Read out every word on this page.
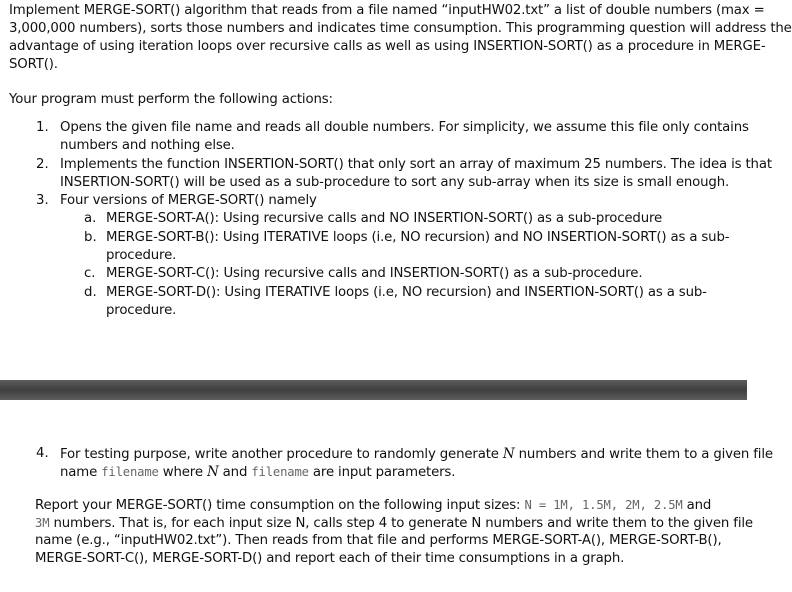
Implement MERGE-SORT() algorithm that reads from a file named “inputHW02.txt” a list of double numbers (max =
3,000,000 numbers), sorts those numbers and indicates time consumption. This programming question will address the
advantage of using iteration loops over recursive calls as well as using INSERTION-SORT() as a procedure in MERGE-
SORT().
Your program must perform the following actions:
1. Opens the given file name and reads all double numbers. For simplicity, we assume this file only contains
numbers and nothing else.
2. Implements the function INSERTION-SORT() that only sort an array of maximum 25 numbers. The idea is that
INSERTION-SORT() will be used as a sub-procedure to sort any sub-array when its size is small enough.
3. Four versions of MERGE-SORT() namely
a. MERGE-SORT-A(): Using recursive calls and NO INSERTION-SORT() as a sub-procedure
b. MERGE-SORT-B(): Using ITERATIVE loops (i.e, NO recursion) and NO INSERTION-SORT() as a sub-
procedure.
c. MERGE-SORT-C(): Using recursive calls and INSERTION-SORT() as a sub-procedure.
d. MERGE-SORT-D(): Using ITERATIVE loops (i.e, NO recursion) and INSERTION-SORT() as a sub-
procedure.
4. For testing purpose, write another procedure to randomly generate N numbers and write them to a given file
name filename where N and filename are input parameters.
Report your MERGE-SORT() time consumption on the following input sizes: N = 1M, 1.5M, 2M, 2.5M and
3M numbers. That is, for each input size N, calls step 4 to generate N numbers and write them to the given file
name (e.g., “inputHW02.txt”). Then reads from that file and performs MERGE-SORT-A(), MERGE-SORT-B(),
MERGE-SORT-C(), MERGE-SORT-D() and report each of their time consumptions in a graph.
